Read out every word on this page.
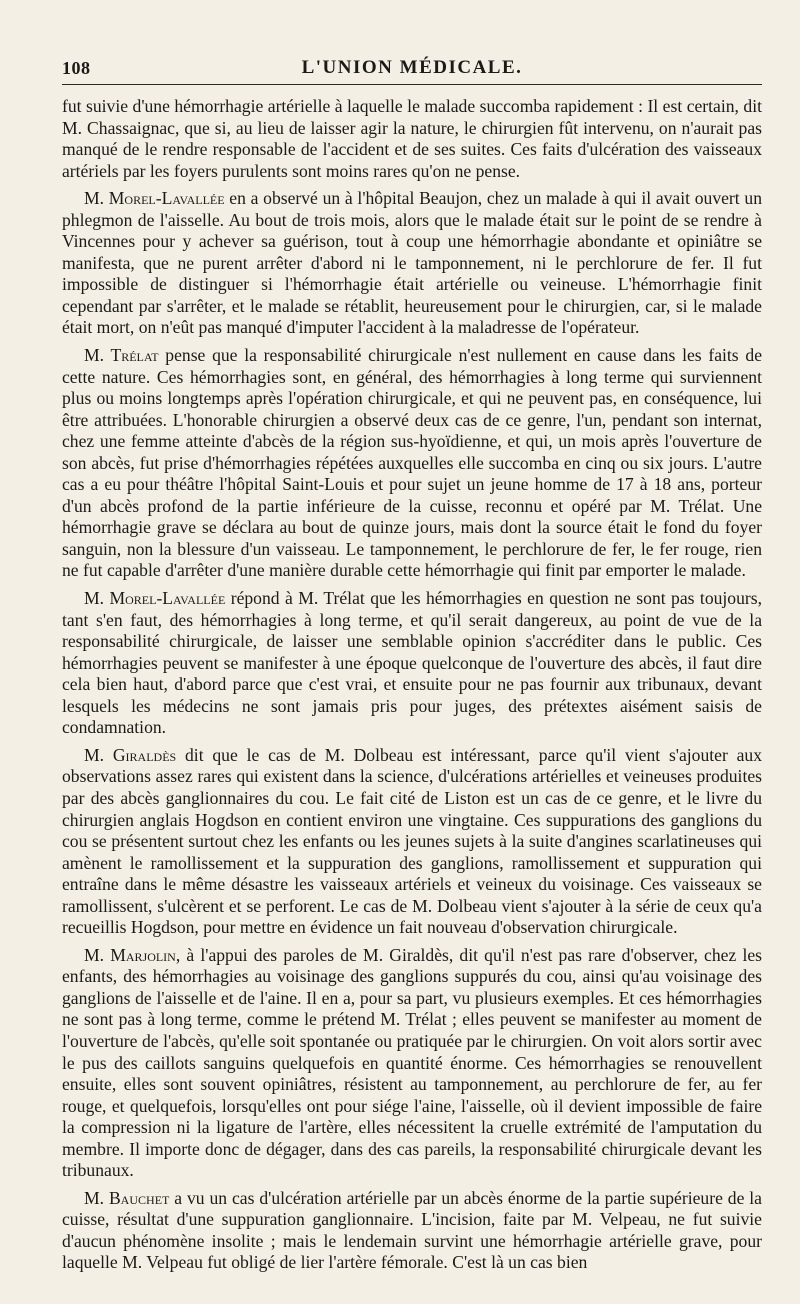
108	L'UNION MÉDICALE.

fut suivie d'une hémorrhagie artérielle à laquelle le malade succomba rapidement : Il est certain, dit M. Chassaignac, que si, au lieu de laisser agir la nature, le chirurgien fût intervenu, on n'aurait pas manqué de le rendre responsable de l'accident et de ses suites. Ces faits d'ulcération des vaisseaux artériels par les foyers purulents sont moins rares qu'on ne pense.

M. Morel-Lavallée en a observé un à l'hôpital Beaujon, chez un malade à qui il avait ouvert un phlegmon de l'aisselle. Au bout de trois mois, alors que le malade était sur le point de se rendre à Vincennes pour y achever sa guérison, tout à coup une hémorrhagie abondante et opiniâtre se manifesta, que ne purent arrêter d'abord ni le tamponnement, ni le perchlorure de fer. Il fut impossible de distinguer si l'hémorrhagie était artérielle ou veineuse. L'hémorrhagie finit cependant par s'arrêter, et le malade se rétablit, heureusement pour le chirurgien, car, si le malade était mort, on n'eût pas manqué d'imputer l'accident à la maladresse de l'opérateur.

M. Trélat pense que la responsabilité chirurgicale n'est nullement en cause dans les faits de cette nature. Ces hémorrhagies sont, en général, des hémorrhagies à long terme qui surviennent plus ou moins longtemps après l'opération chirurgicale, et qui ne peuvent pas, en conséquence, lui être attribuées. L'honorable chirurgien a observé deux cas de ce genre, l'un, pendant son internat, chez une femme atteinte d'abcès de la région sus-hyoïdienne, et qui, un mois après l'ouverture de son abcès, fut prise d'hémorrhagies répétées auxquelles elle succomba en cinq ou six jours. L'autre cas a eu pour théâtre l'hôpital Saint-Louis et pour sujet un jeune homme de 17 à 18 ans, porteur d'un abcès profond de la partie inférieure de la cuisse, reconnu et opéré par M. Trélat. Une hémorrhagie grave se déclara au bout de quinze jours, mais dont la source était le fond du foyer sanguin, non la blessure d'un vaisseau. Le tamponnement, le perchlorure de fer, le fer rouge, rien ne fut capable d'arrêter d'une manière durable cette hémorrhagie qui finit par emporter le malade.

M. Morel-Lavallée répond à M. Trélat que les hémorrhagies en question ne sont pas toujours, tant s'en faut, des hémorrhagies à long terme, et qu'il serait dangereux, au point de vue de la responsabilité chirurgicale, de laisser une semblable opinion s'accréditer dans le public. Ces hémorrhagies peuvent se manifester à une époque quelconque de l'ouverture des abcès, il faut dire cela bien haut, d'abord parce que c'est vrai, et ensuite pour ne pas fournir aux tribunaux, devant lesquels les médecins ne sont jamais pris pour juges, des prétextes aisément saisis de condamnation.

M. Giraldès dit que le cas de M. Dolbeau est intéressant, parce qu'il vient s'ajouter aux observations assez rares qui existent dans la science, d'ulcérations artérielles et veineuses produites par des abcès ganglionnaires du cou. Le fait cité de Liston est un cas de ce genre, et le livre du chirurgien anglais Hogdson en contient environ une vingtaine. Ces suppurations des ganglions du cou se présentent surtout chez les enfants ou les jeunes sujets à la suite d'angines scarlatineuses qui amènent le ramollissement et la suppuration des ganglions, ramollissement et suppuration qui entraîne dans le même désastre les vaisseaux artériels et veineux du voisinage. Ces vaisseaux se ramollissent, s'ulcèrent et se perforent. Le cas de M. Dolbeau vient s'ajouter à la série de ceux qu'a recueillis Hogdson, pour mettre en évidence un fait nouveau d'observation chirurgicale.

M. Marjolin, à l'appui des paroles de M. Giraldès, dit qu'il n'est pas rare d'observer, chez les enfants, des hémorrhagies au voisinage des ganglions suppurés du cou, ainsi qu'au voisinage des ganglions de l'aisselle et de l'aine. Il en a, pour sa part, vu plusieurs exemples. Et ces hémorrhagies ne sont pas à long terme, comme le prétend M. Trélat ; elles peuvent se manifester au moment de l'ouverture de l'abcès, qu'elle soit spontanée ou pratiquée par le chirurgien. On voit alors sortir avec le pus des caillots sanguins quelquefois en quantité énorme. Ces hémorrhagies se renouvellent ensuite, elles sont souvent opiniâtres, résistent au tamponnement, au perchlorure de fer, au fer rouge, et quelquefois, lorsqu'elles ont pour siége l'aine, l'aisselle, où il devient impossible de faire la compression ni la ligature de l'artère, elles nécessitent la cruelle extrémité de l'amputation du membre. Il importe donc de dégager, dans des cas pareils, la responsabilité chirurgicale devant les tribunaux.

M. Bauchet a vu un cas d'ulcération artérielle par un abcès énorme de la partie supérieure de la cuisse, résultat d'une suppuration ganglionnaire. L'incision, faite par M. Velpeau, ne fut suivie d'aucun phénomène insolite ; mais le lendemain survint une hémorrhagie artérielle grave, pour laquelle M. Velpeau fut obligé de lier l'artère fémorale. C'est là un cas bien
